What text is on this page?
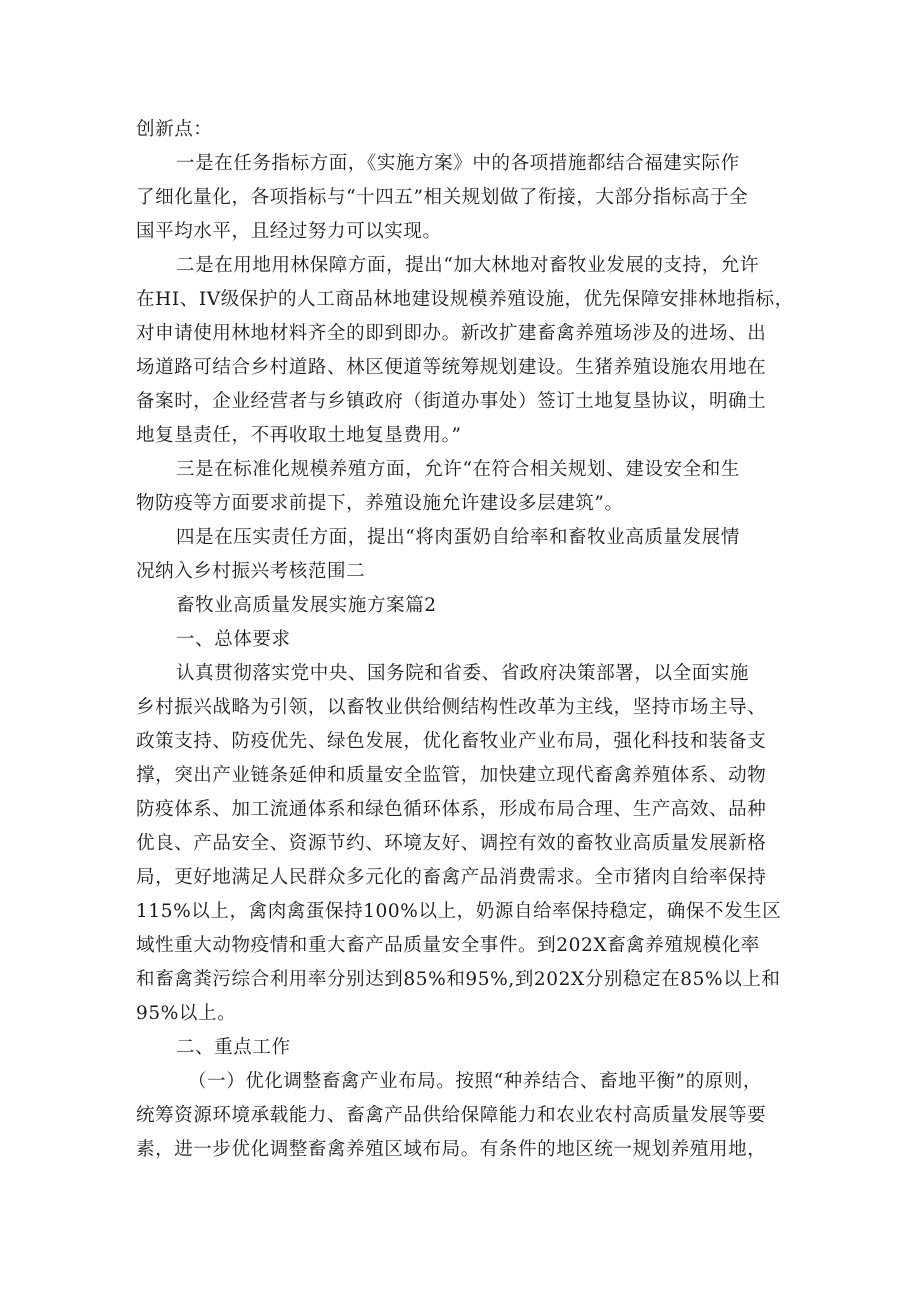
创新点：
一是在任务指标方面，《实施方案》中的各项措施都结合福建实际作
了细化量化，各项指标与“十四五”相关规划做了衔接，大部分指标高于全
国平均水平，且经过努力可以实现。
二是在用地用林保障方面，提出“加大林地对畜牧业发展的支持，允许
在HI、IV级保护的人工商品林地建设规模养殖设施，优先保障安排林地指标，
对申请使用林地材料齐全的即到即办。新改扩建畜禽养殖场涉及的进场、出
场道路可结合乡村道路、林区便道等统筹规划建设。生猪养殖设施农用地在
备案时，企业经营者与乡镇政府（街道办事处）签订土地复垦协议，明确土
地复垦责任，不再收取土地复垦费用。”
三是在标准化规模养殖方面，允许“在符合相关规划、建设安全和生
物防疫等方面要求前提下，养殖设施允许建设多层建筑”。
四是在压实责任方面，提出“将肉蛋奶自给率和畜牧业高质量发展情
况纳入乡村振兴考核范围二
畜牧业高质量发展实施方案篇2
一、总体要求
认真贯彻落实党中央、国务院和省委、省政府决策部署，以全面实施
乡村振兴战略为引领，以畜牧业供给侧结构性改革为主线，坚持市场主导、
政策支持、防疫优先、绿色发展，优化畜牧业产业布局，强化科技和装备支
撑，突出产业链条延伸和质量安全监管，加快建立现代畜禽养殖体系、动物
防疫体系、加工流通体系和绿色循环体系，形成布局合理、生产高效、品种
优良、产品安全、资源节约、环境友好、调控有效的畜牧业高质量发展新格
局，更好地满足人民群众多元化的畜禽产品消费需求。全市猪肉自给率保持
115%以上，禽肉禽蛋保持100%以上，奶源自给率保持稳定，确保不发生区
域性重大动物疫情和重大畜产品质量安全事件。到202X畜禽养殖规模化率
和畜禽粪污综合利用率分别达到85%和95%,到202X分别稳定在85%以上和
95%以上。
二、重点工作
（一）优化调整畜禽产业布局。按照“种养结合、畜地平衡”的原则，
统筹资源环境承载能力、畜禽产品供给保障能力和农业农村高质量发展等要
素，进一步优化调整畜禽养殖区域布局。有条件的地区统一规划养殖用地，
